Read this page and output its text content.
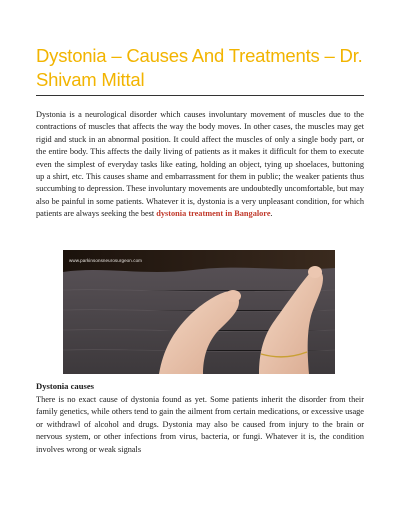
Dystonia – Causes And Treatments – Dr. Shivam Mittal

Dystonia is a neurological disorder which causes involuntary movement of muscles due to the contractions of muscles that affects the way the body moves. In other cases, the muscles may get rigid and stuck in an abnormal position. It could affect the muscles of only a single body part, or the entire body. This affects the daily living of patients as it makes it difficult for them to execute even the simplest of everyday tasks like eating, holding an object, tying up shoelaces, buttoning up a shirt, etc. This causes shame and embarrassment for them in public; the weaker patients thus succumbing to depression. These involuntary movements are undoubtedly uncomfortable, but may also be painful in some patients. Whatever it is, dystonia is a very unpleasant condition, for which patients are always seeking the best dystonia treatment in Bangalore.

www.parkinsonsneurosurgeon.com

Dystonia causes

There is no exact cause of dystonia found as yet. Some patients inherit the disorder from their family genetics, while others tend to gain the ailment from certain medications, or excessive usage or withdrawl of alcohol and drugs. Dystonia may also be caused from injury to the brain or nervous system, or other infections from virus, bacteria, or fungi. Whatever it is, the condition involves wrong or weak signals
